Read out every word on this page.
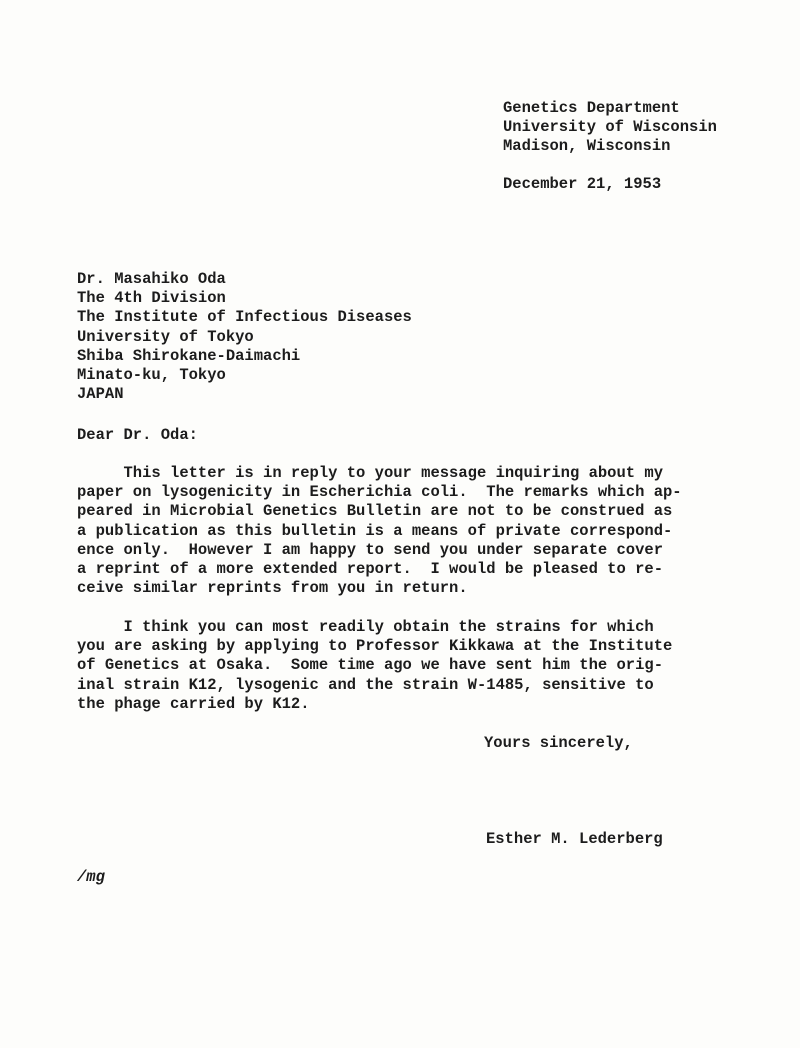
Genetics Department
University of Wisconsin
Madison, Wisconsin
December 21, 1953
Dr. Masahiko Oda
The 4th Division
The Institute of Infectious Diseases
University of Tokyo
Shiba Shirokane-Daimachi
Minato-ku, Tokyo
JAPAN
Dear Dr. Oda:
This letter is in reply to your message inquiring about my
paper on lysogenicity in Escherichia coli.  The remarks which ap-
peared in Microbial Genetics Bulletin are not to be construed as
a publication as this bulletin is a means of private correspond-
ence only.  However I am happy to send you under separate cover
a reprint of a more extended report.  I would be pleased to re-
ceive similar reprints from you in return.
I think you can most readily obtain the strains for which
you are asking by applying to Professor Kikkawa at the Institute
of Genetics at Osaka.  Some time ago we have sent him the orig-
inal strain K12, lysogenic and the strain W-1485, sensitive to
the phage carried by K12.
Yours sincerely,
Esther M. Lederberg
/mg
